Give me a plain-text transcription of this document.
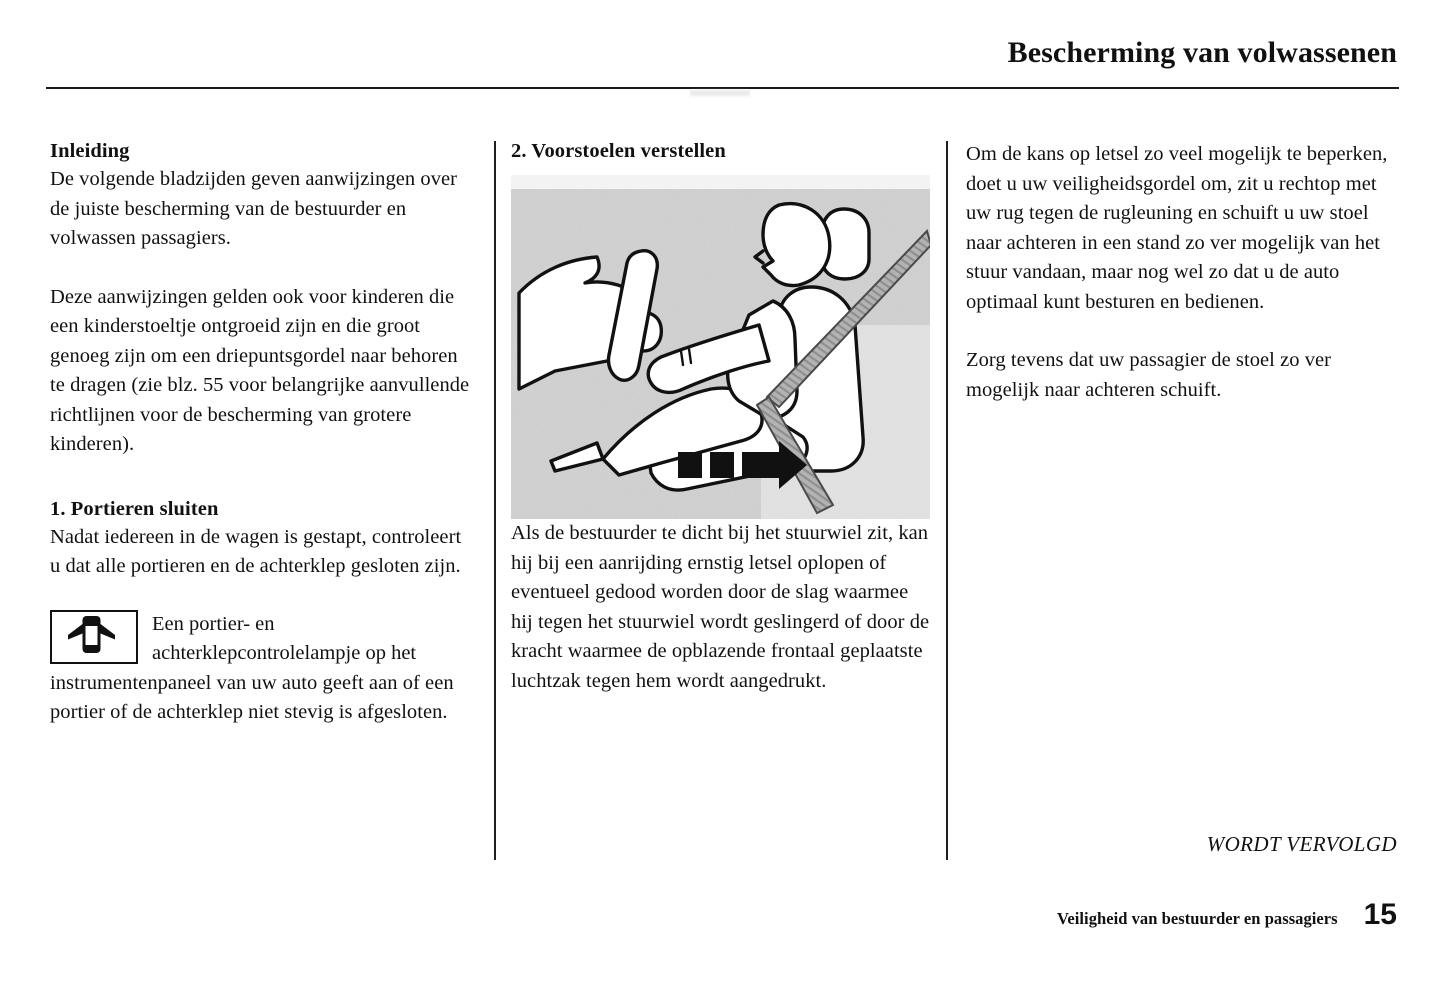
Bescherming van volwassenen
Inleiding

De volgende bladzijden geven aanwijzingen over de juiste bescherming van de bestuurder en volwassen passagiers.

Deze aanwijzingen gelden ook voor kinderen die een kinderstoeltje ontgroeid zijn en die groot genoeg zijn om een driepuntsgordel naar behoren te dragen (zie blz. 55 voor belangrijke aanvullende richtlijnen voor de bescherming van grotere kinderen).

1. Portieren sluiten

Nadat iedereen in de wagen is gestapt, controleert u dat alle portieren en de achterklep gesloten zijn.

Een portier- en achterklepcontrolelampje op het

instrumentenpaneel van uw auto geeft aan of een portier of de achterklep niet stevig is afgesloten.

2. Voorstoelen verstellen

Als de bestuurder te dicht bij het stuurwiel zit, kan hij bij een aanrijding ernstig letsel oplopen of eventueel gedood worden door de slag waarmee hij tegen het stuurwiel wordt geslingerd of door de kracht waarmee de opblazende frontaal geplaatste luchtzak tegen hem wordt aangedrukt.

Om de kans op letsel zo veel mogelijk te beperken, doet u uw veiligheidsgordel om, zit u rechtop met uw rug tegen de rugleuning en schuift u uw stoel naar achteren in een stand zo ver mogelijk van het stuur vandaan, maar nog wel zo dat u de auto optimaal kunt besturen en bedienen.

Zorg tevens dat uw passagier de stoel zo ver mogelijk naar achteren schuift.

WORDT VERVOLGD
Veiligheid van bestuurder en passagiers 15
